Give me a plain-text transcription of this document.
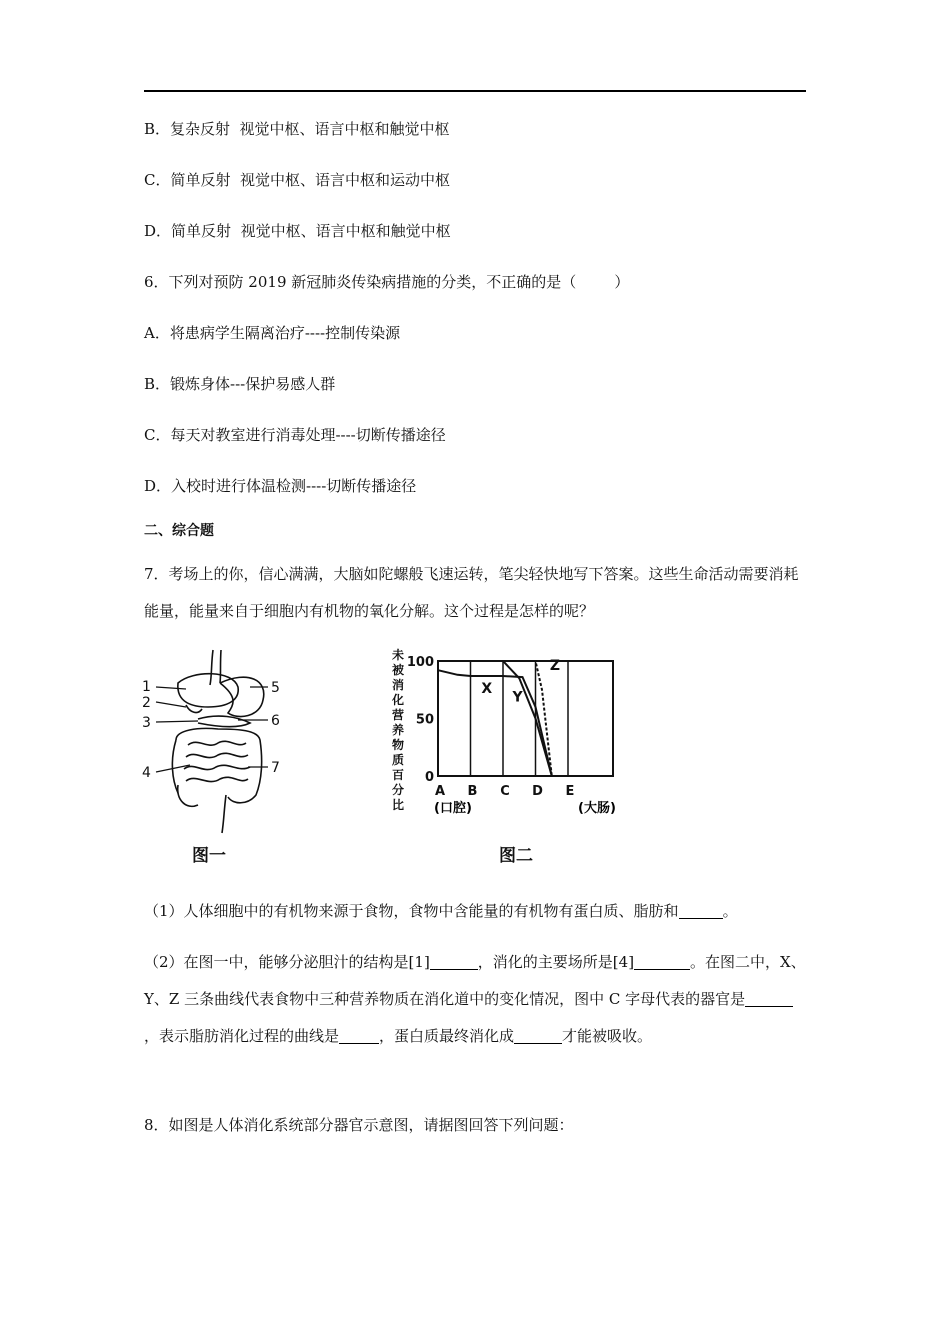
B．复杂反射  视觉中枢、语言中枢和触觉中枢
C．简单反射  视觉中枢、语言中枢和运动中枢
D．简单反射  视觉中枢、语言中枢和触觉中枢
6．下列对预防 2019 新冠肺炎传染病措施的分类，不正确的是（        ）
A．将患病学生隔离治疗----控制传染源
B．锻炼身体---保护易感人群
C．每天对教室进行消毒处理----切断传播途径
D．入校时进行体温检测----切断传播途径
二、综合题
7．考场上的你，信心满满，大脑如陀螺般飞速运转，笔尖轻快地写下答案。这些生命活动需要消耗能量，能量来自于细胞内有机物的氧化分解。这个过程是怎样的呢？
1
2
3
4
5
6
7
图一
未
被
消
化
营
养
物
质
百
分
比
100
50
0
A B C D E
X
Y
Z
(口腔)	(大肠)
图二
（1）人体细胞中的有机物来源于食物，食物中含能量的有机物有蛋白质、脂肪和	。
（2）在图一中，能够分泌胆汁的结构是[1]	，消化的主要场所是[4]	。在图二中，X、Y、Z 三条曲线代表食物中三种营养物质在消化道中的变化情况，图中 C 字母代表的器官是，表示脂肪消化过程的曲线是	，蛋白质最终消化成	才能被吸收。
8．如图是人体消化系统部分器官示意图，请据图回答下列问题：
